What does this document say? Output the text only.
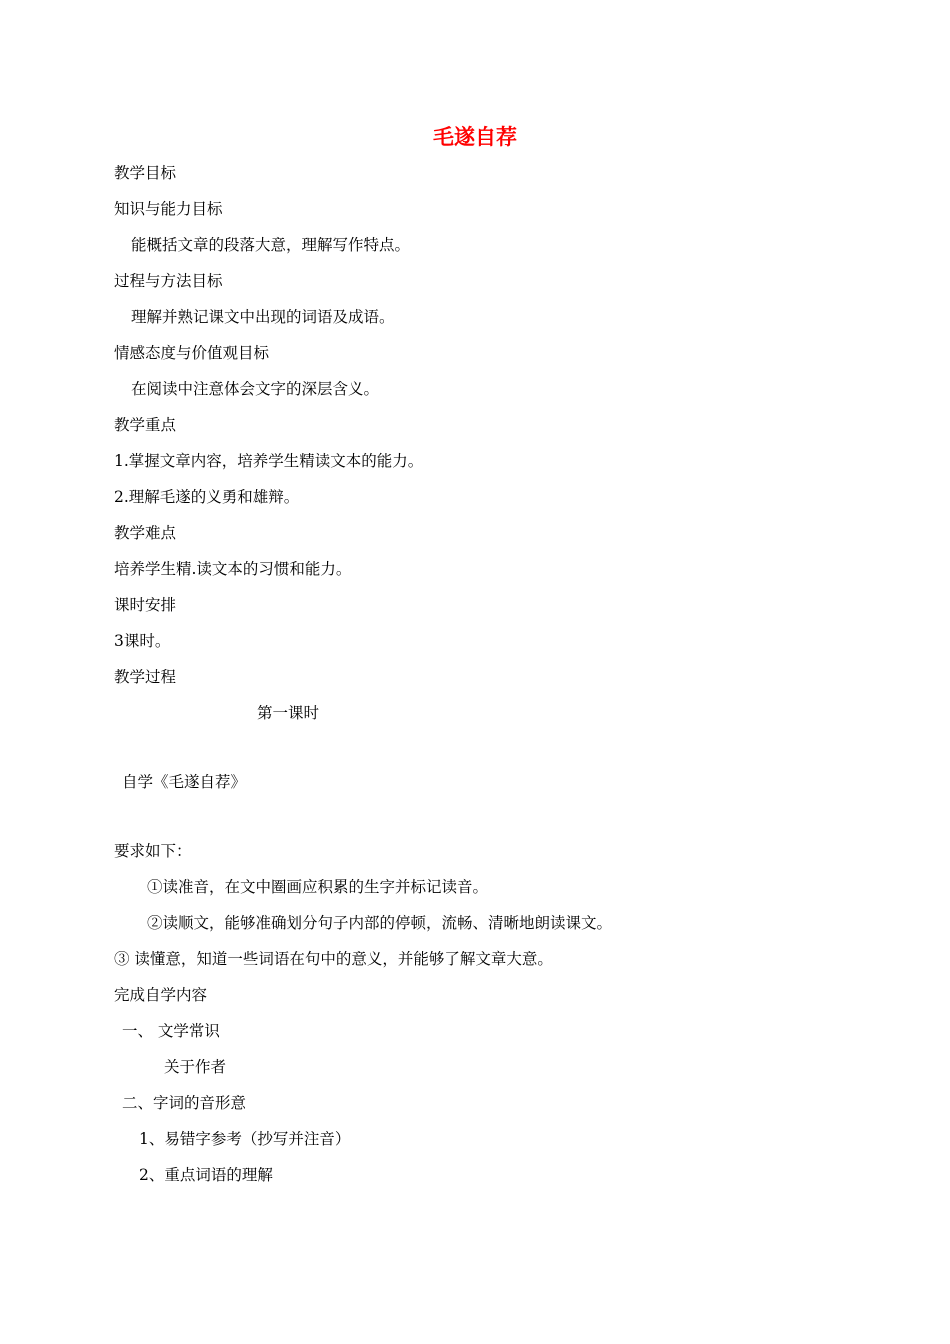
毛遂自荐
教学目标
知识与能力目标
能概括文章的段落大意，理解写作特点。
过程与方法目标
理解并熟记课文中出现的词语及成语。
情感态度与价值观目标
在阅读中注意体会文字的深层含义。
教学重点
1.掌握文章内容，培养学生精读文本的能力。
2.理解毛遂的义勇和雄辩。
教学难点
培养学生精.读文本的习惯和能力。
课时安排
3课时。
教学过程
第一课时
自学《毛遂自荐》
要求如下：
①读准音，在文中圈画应积累的生字并标记读音。
②读顺文，能够准确划分句子内部的停顿，流畅、清晰地朗读课文。
③ 读懂意，知道一些词语在句中的意义，并能够了解文章大意。
完成自学内容
一、 文学常识
关于作者
二、字词的音形意
1、易错字参考（抄写并注音）
2、重点词语的理解
